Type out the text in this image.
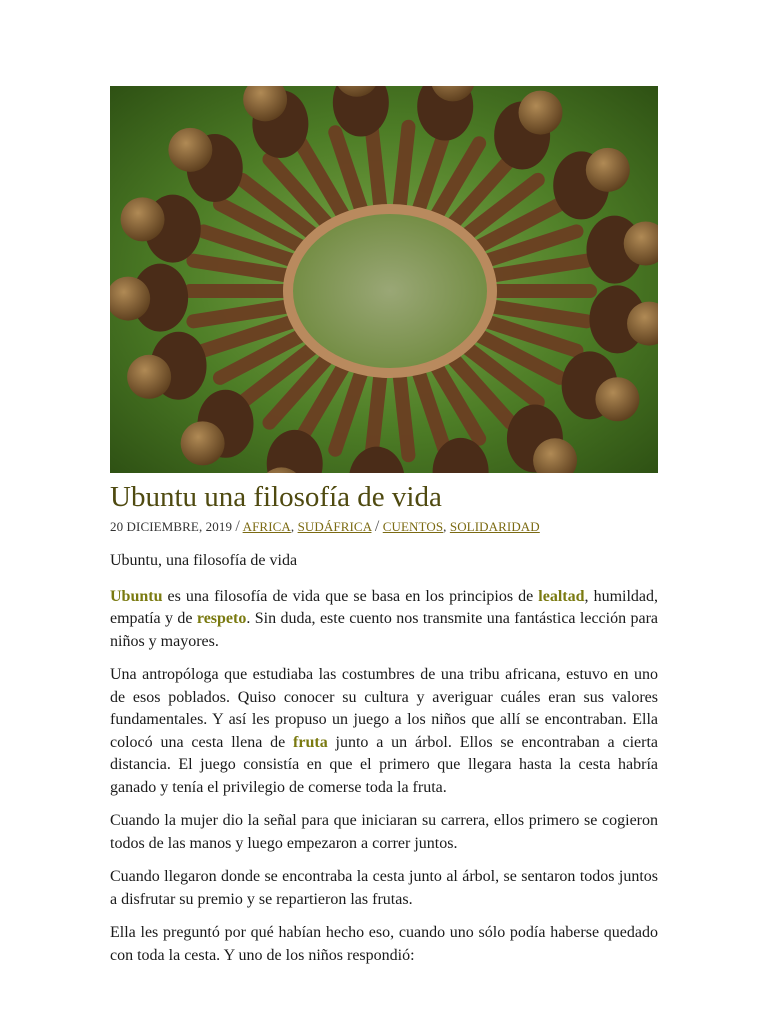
Ubuntu una filosofía de vida
20 DICIEMBRE, 2019 / AFRICA, SUDÁFRICA / CUENTOS, SOLIDARIDAD

Ubuntu, una filosofía de vida

Ubuntu es una filosofía de vida que se basa en los principios de lealtad, humildad, empatía y de respeto. Sin duda, este cuento nos transmite una fantástica lección para niños y mayores.

Una antropóloga que estudiaba las costumbres de una tribu africana, estuvo en uno de esos poblados. Quiso conocer su cultura y averiguar cuáles eran sus valores fundamentales. Y así les propuso un juego a los niños que allí se encontraban. Ella colocó una cesta llena de fruta junto a un árbol. Ellos se encontraban a cierta distancia. El juego consistía en que el primero que llegara hasta la cesta habría ganado y tenía el privilegio de comerse toda la fruta.

Cuando la mujer dio la señal para que iniciaran su carrera, ellos primero se cogieron todos de las manos y luego empezaron a correr juntos.

Cuando llegaron donde se encontraba la cesta junto al árbol, se sentaron todos juntos a disfrutar su premio y se repartieron las frutas.

Ella les preguntó por qué habían hecho eso, cuando uno sólo podía haberse quedado con toda la cesta. Y uno de los niños respondió:
